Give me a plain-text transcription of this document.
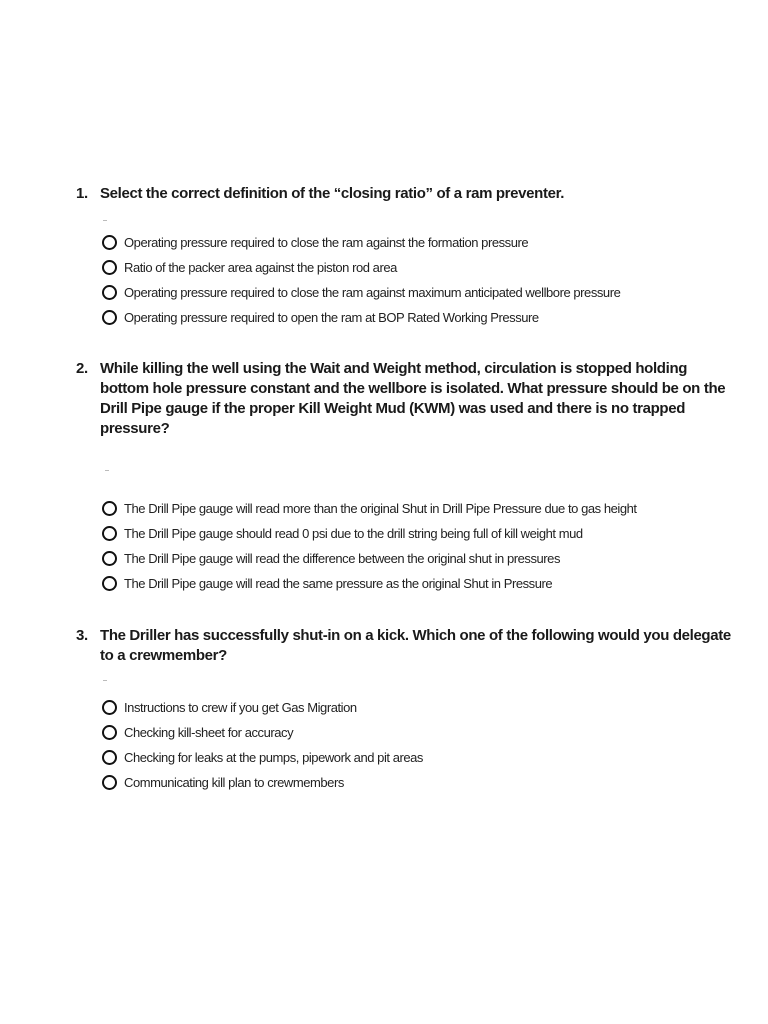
1. Select the correct definition of the “closing ratio” of a ram preventer.
Operating pressure required to close the ram against the formation pressure
Ratio of the packer area against the piston rod area
Operating pressure required to close the ram against maximum anticipated wellbore pressure
Operating pressure required to open the ram at BOP Rated Working Pressure
2. While killing the well using the Wait and Weight method, circulation is stopped holding bottom hole pressure constant and the wellbore is isolated. What pressure should be on the Drill Pipe gauge if the proper Kill Weight Mud (KWM) was used and there is no trapped pressure?
The Drill Pipe gauge will read more than the original Shut in Drill Pipe Pressure due to gas height
The Drill Pipe gauge should read 0 psi due to the drill string being full of kill weight mud
The Drill Pipe gauge will read the difference between the original shut in pressures
The Drill Pipe gauge will read the same pressure as the original Shut in Pressure
3. The Driller has successfully shut-in on a kick. Which one of the following would you delegate to a crewmember?
Instructions to crew if you get Gas Migration
Checking kill-sheet for accuracy
Checking for leaks at the pumps, pipework and pit areas
Communicating kill plan to crewmembers
